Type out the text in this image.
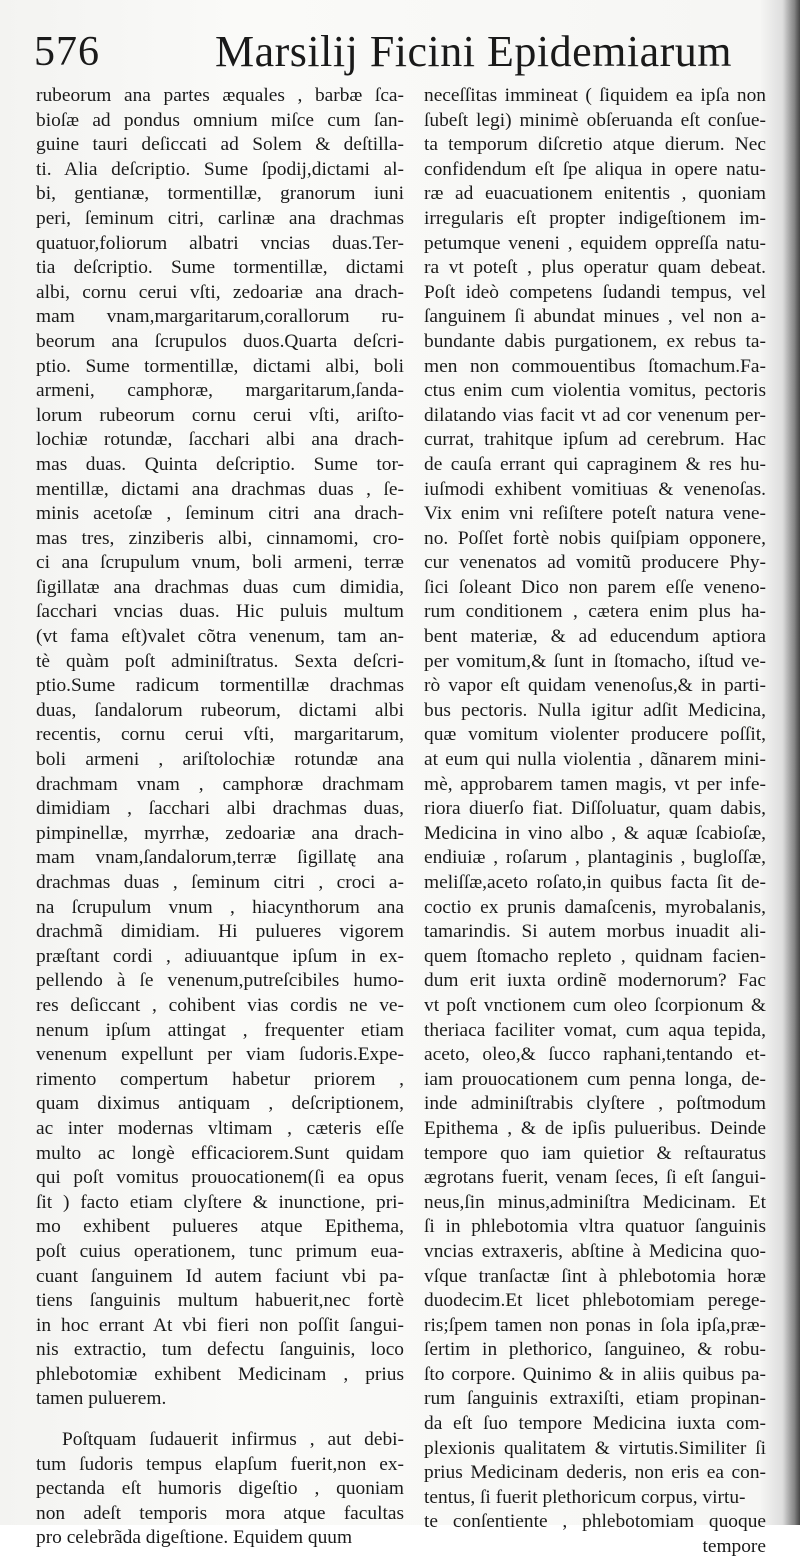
576	Marsilij Ficini Epidemiarum
rubeorum ana partes æquales , barbæ ſca-
bioſæ ad pondus omnium miſce cum ſan-
guine tauri deſiccati ad Solem & deſtilla-
ti. Alia deſcriptio. Sume ſpodij,dictami al-
bi, gentianæ, tormentillæ, granorum iuni
peri, ſeminum citri, carlinæ ana drachmas
quatuor,foliorum albatri vncias duas.Ter-
tia deſcriptio. Sume tormentillæ, dictami
albi, cornu cerui vſti, zedoariæ ana drach-
mam vnam,margaritarum,corallorum ru-
beorum ana ſcrupulos duos.Quarta deſcri-
ptio. Sume tormentillæ, dictami albi, boli
armeni, camphoræ, margaritarum,ſanda-
lorum rubeorum cornu cerui vſti, ariſto-
lochiæ rotundæ, ſacchari albi ana drach-
mas duas. Quinta deſcriptio. Sume tor-
mentillæ, dictami ana drachmas duas , ſe-
minis acetoſæ , ſeminum citri ana drach-
mas tres, zinziberis albi, cinnamomi, cro-
ci ana ſcrupulum vnum, boli armeni, terræ
ſigillatæ ana drachmas duas cum dimidia,
ſacchari vncias duas. Hic puluis multum
(vt fama eſt)valet cõtra venenum, tam an-
tè quàm poſt adminiſtratus. Sexta deſcri-
ptio.Sume radicum tormentillæ drachmas
duas, ſandalorum rubeorum, dictami albi
recentis, cornu cerui vſti, margaritarum,
boli armeni , ariſtolochiæ rotundæ ana
drachmam vnam , camphoræ drachmam
dimidiam , ſacchari albi drachmas duas,
pimpinellæ, myrrhæ, zedoariæ ana drach-
mam vnam,ſandalorum,terræ ſigillatę ana
drachmas duas , ſeminum citri , croci a-
na ſcrupulum vnum , hiacynthorum ana
drachmã dimidiam. Hi pulueres vigorem
præſtant cordi , adiuuantque ipſum in ex-
pellendo à ſe venenum,putreſcibiles humo-
res deſiccant , cohibent vias cordis ne ve-
nenum ipſum attingat , frequenter etiam
venenum expellunt per viam ſudoris.Expe-
rimento compertum habetur priorem ,
quam diximus antiquam , deſcriptionem,
ac inter modernas vltimam , cæteris eſſe
multo ac longè efficaciorem.Sunt quidam
qui poſt vomitus prouocationem(ſi ea opus
ſit ) facto etiam clyſtere & inunctione, pri-
mo exhibent pulueres atque Epithema,
poſt cuius operationem, tunc primum eua-
cuant ſanguinem Id autem faciunt vbi pa-
tiens ſanguinis multum habuerit,nec fortè
in hoc errant At vbi fieri non poſſit ſangui-
nis extractio, tum defectu ſanguinis, loco
phlebotomiæ exhibent Medicinam , prius
tamen puluerem.
Poſtquam ſudauerit infirmus , aut debi-
tum ſudoris tempus elapſum fuerit,non ex-
pectanda eſt humoris digeſtio , quoniam
non adeſt temporis mora atque facultas
pro celebrãda digeſtione. Equidem quum
neceſſitas immineat ( ſiquidem ea ipſa non
ſubeſt legi) minimè obſeruanda eſt conſue-
ta temporum diſcretio atque dierum. Nec
confidendum eſt ſpe aliqua in opere natu-
ræ ad euacuationem enitentis , quoniam
irregularis eſt propter indigeſtionem im-
petumque veneni , equidem oppreſſa natu-
ra vt poteſt , plus operatur quam debeat.
Poſt ideò competens ſudandi tempus, vel
ſanguinem ſi abundat minues , vel non a-
bundante dabis purgationem, ex rebus ta-
men non commouentibus ſtomachum.Fa-
ctus enim cum violentia vomitus, pectoris
dilatando vias facit vt ad cor venenum per-
currat, trahitque ipſum ad cerebrum. Hac
de cauſa errant qui capraginem & res hu-
iuſmodi exhibent vomitiuas & venenoſas.
Vix enim vni reſiſtere poteſt natura vene-
no. Poſſet fortè nobis quiſpiam opponere,
cur venenatos ad vomitũ producere Phy-
ſici ſoleant Dico non parem eſſe veneno-
rum conditionem , cætera enim plus ha-
bent materiæ, & ad educendum aptiora
per vomitum,& ſunt in ſtomacho, iſtud ve-
rò vapor eſt quidam venenoſus,& in parti-
bus pectoris. Nulla igitur adſit Medicina,
quæ vomitum violenter producere poſſit,
at eum qui nulla violentia , dãnarem mini-
mè, approbarem tamen magis, vt per infe-
riora diuerſo fiat. Diſſoluatur, quam dabis,
Medicina in vino albo , & aquæ ſcabioſæ,
endiuiæ , roſarum , plantaginis , bugloſſæ,
meliſſæ,aceto roſato,in quibus facta ſit de-
coctio ex prunis damaſcenis, myrobalanis,
tamarindis. Si autem morbus inuadit ali-
quem ſtomacho repleto , quidnam facien-
dum erit iuxta ordinẽ modernorum? Fac
vt poſt vnctionem cum oleo ſcorpionum &
theriaca faciliter vomat, cum aqua tepida,
aceto, oleo,& ſucco raphani,tentando et-
iam prouocationem cum penna longa, de-
inde adminiſtrabis clyſtere , poſtmodum
Epithema , & de ipſis pulueribus. Deinde
tempore quo iam quietior & reſtauratus
ægrotans fuerit, venam ſeces, ſi eſt ſangui-
neus,ſin minus,adminiſtra Medicinam. Et
ſi in phlebotomia vltra quatuor ſanguinis
vncias extraxeris, abſtine à Medicina quo-
vſque tranſactæ ſint à phlebotomia horæ
duodecim.Et licet phlebotomiam perege-
ris;ſpem tamen non ponas in ſola ipſa,præ-
ſertim in plethorico, ſanguineo, & robu-
ſto corpore. Quinimo & in aliis quibus pa-
rum ſanguinis extraxiſti, etiam propinan-
da eſt ſuo tempore Medicina iuxta com-
plexionis qualitatem & virtutis.Similiter ſi
prius Medicinam dederis, non eris ea con-
tentus, ſi fuerit plethoricum corpus, virtu-
te conſentiente , phlebotomiam quoque
tempore
